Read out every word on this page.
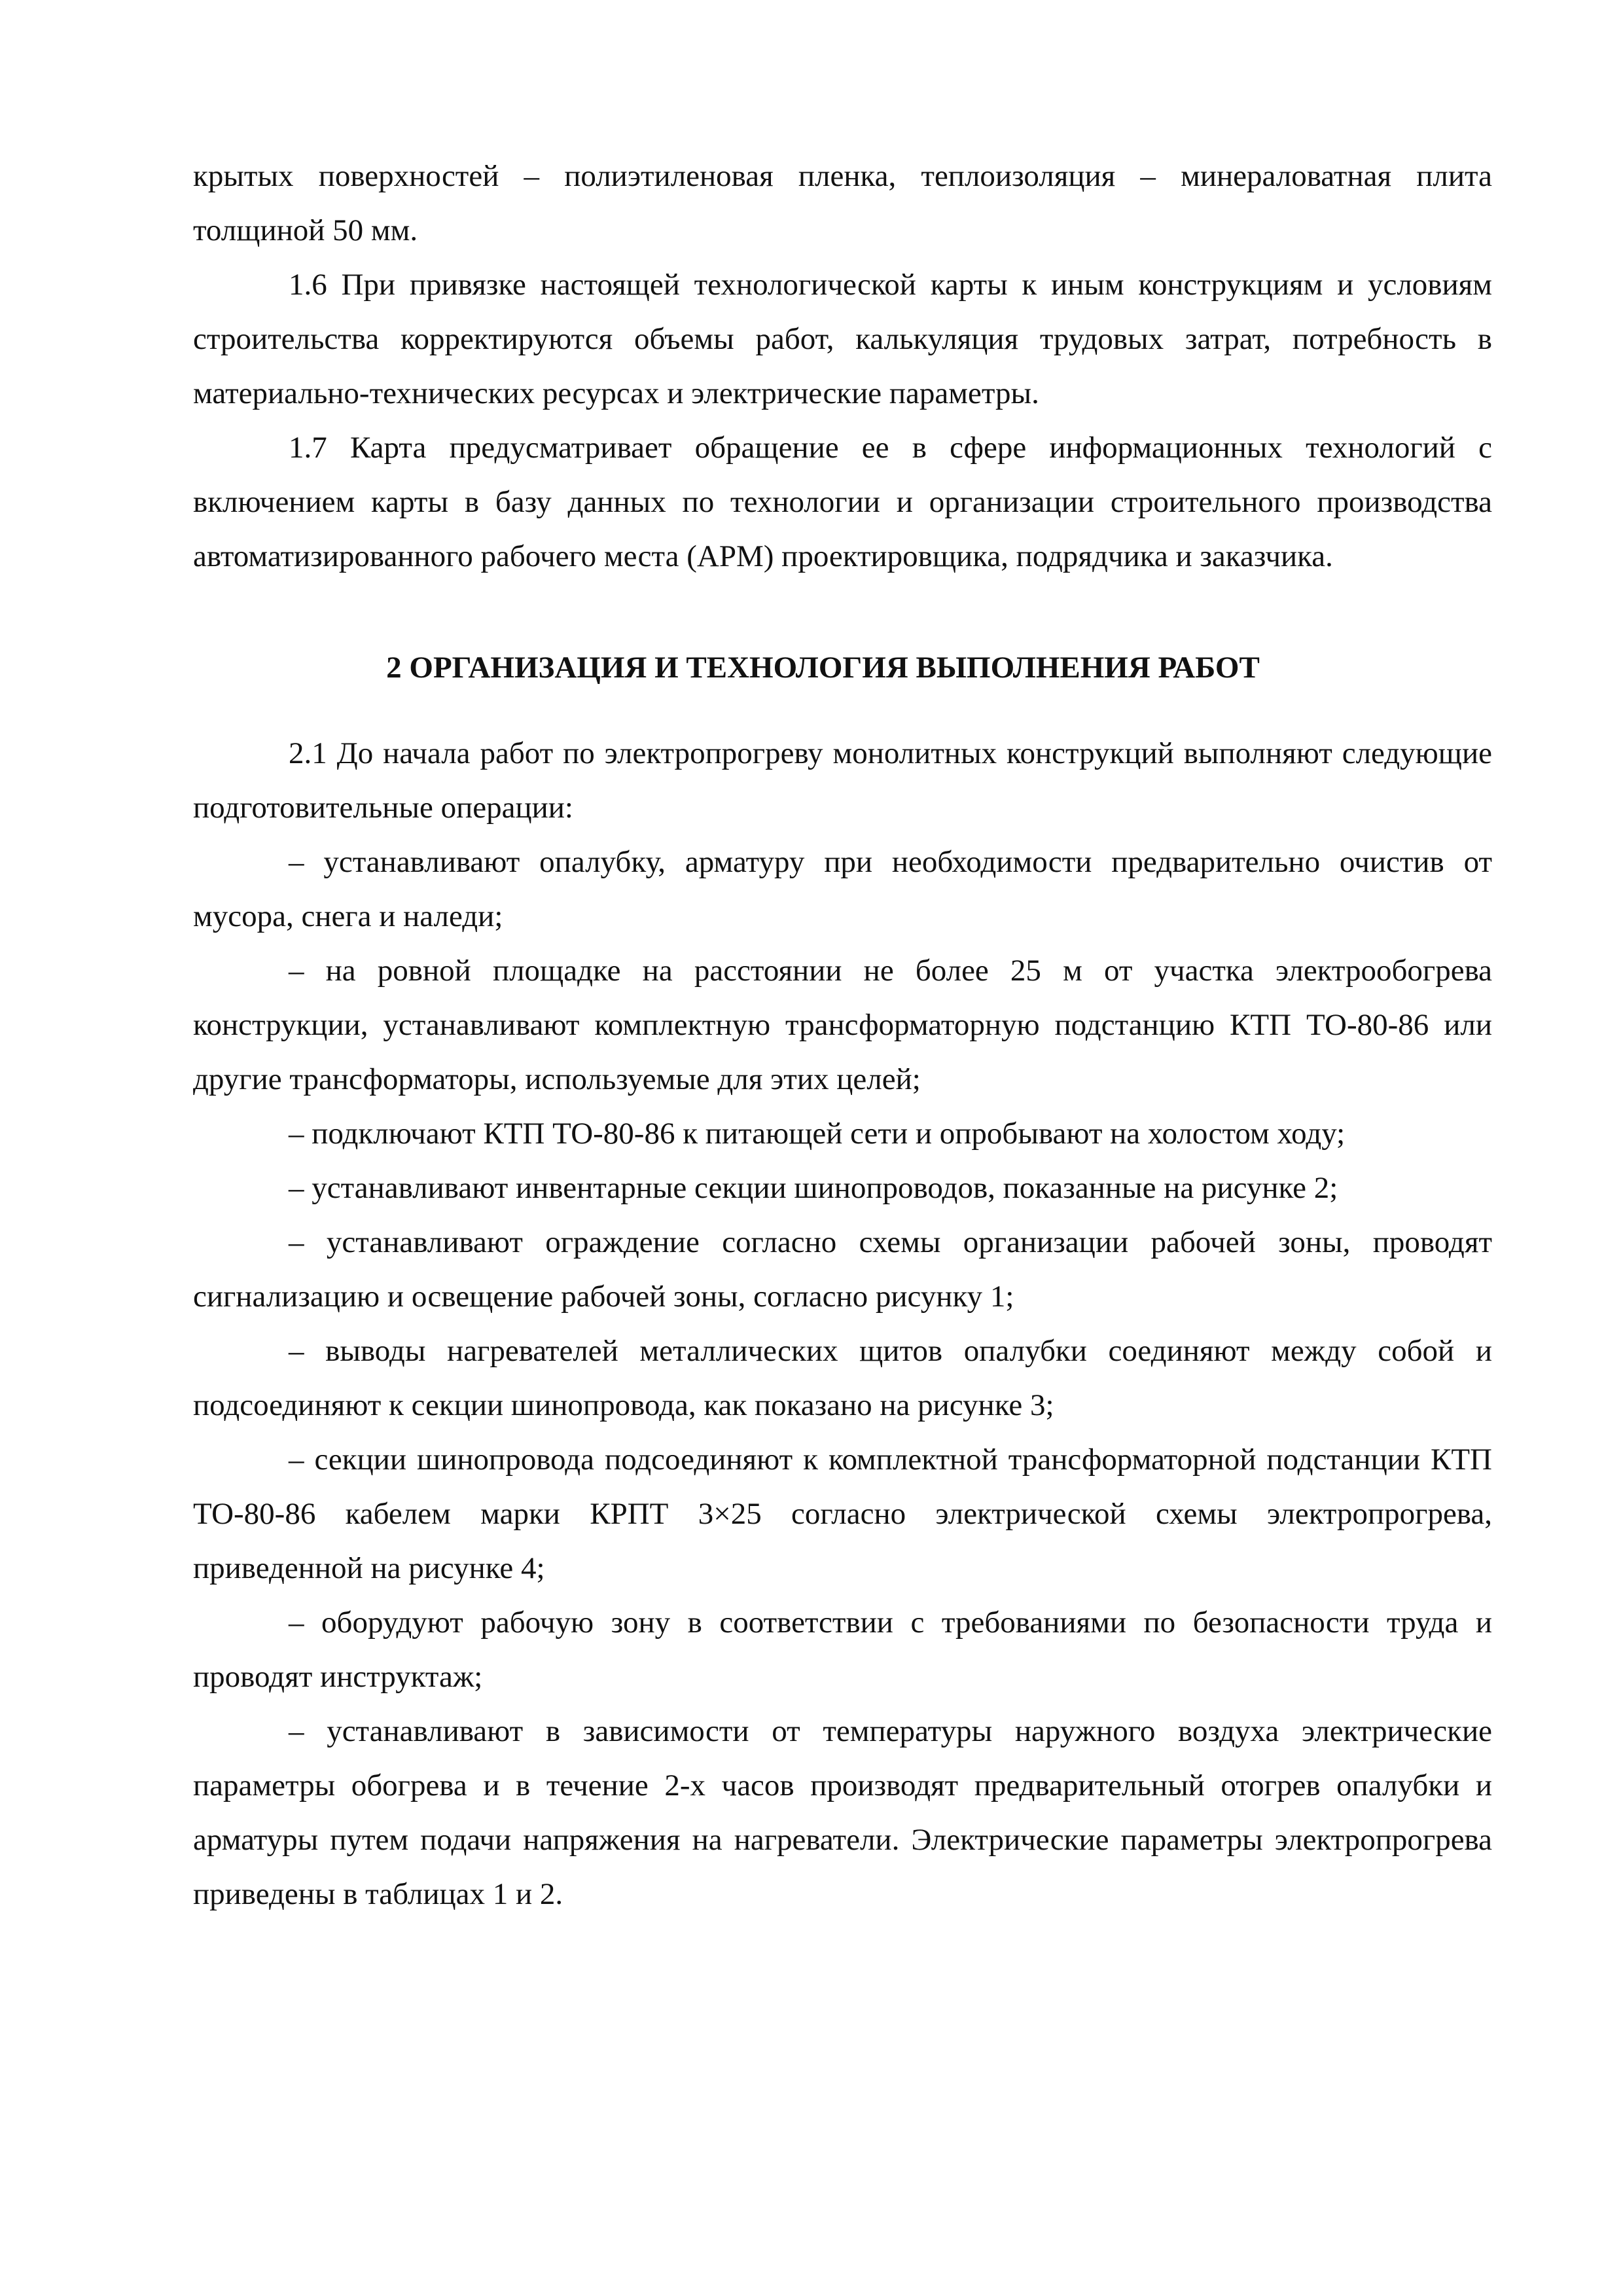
крытых поверхностей – полиэтиленовая пленка, теплоизоляция – минераловатная плита толщиной 50 мм.

1.6 При привязке настоящей технологической карты к иным конструкциям и условиям строительства корректируются объемы работ, калькуляция трудовых затрат, потребность в материально-технических ресурсах и электрические параметры.

1.7 Карта предусматривает обращение ее в сфере информационных технологий с включением карты в базу данных по технологии и организации строительного производства автоматизированного рабочего места (АРМ) проектировщика, подрядчика и заказчика.

2 ОРГАНИЗАЦИЯ И ТЕХНОЛОГИЯ ВЫПОЛНЕНИЯ РАБОТ

2.1 До начала работ по электропрогреву монолитных конструкций выполняют следующие подготовительные операции:

– устанавливают опалубку, арматуру при необходимости предварительно очистив от мусора, снега и наледи;

– на ровной площадке на расстоянии не более 25 м от участка электрообогрева конструкции, устанавливают комплектную трансформаторную подстанцию КТП ТО-80-86 или другие трансформаторы, используемые для этих целей;

– подключают КТП ТО-80-86 к питающей сети и опробывают на холостом ходу;

– устанавливают инвентарные секции шинопроводов, показанные на рисунке 2;

– устанавливают ограждение согласно схемы организации рабочей зоны, проводят сигнализацию и освещение рабочей зоны, согласно рисунку 1;

– выводы нагревателей металлических щитов опалубки соединяют между собой и подсоединяют к секции шинопровода, как показано на рисунке 3;

– секции шинопровода подсоединяют к комплектной трансформаторной подстанции КТП ТО-80-86 кабелем марки КРПТ 3×25 согласно электрической схемы электропрогрева, приведенной на рисунке 4;

– оборудуют рабочую зону в соответствии с требованиями по безопасности труда и проводят инструктаж;

– устанавливают в зависимости от температуры наружного воздуха электрические параметры обогрева и в течение 2-х часов производят предварительный отогрев опалубки и арматуры путем подачи напряжения на нагреватели. Электрические параметры электропрогрева приведены в таблицах 1 и 2.
